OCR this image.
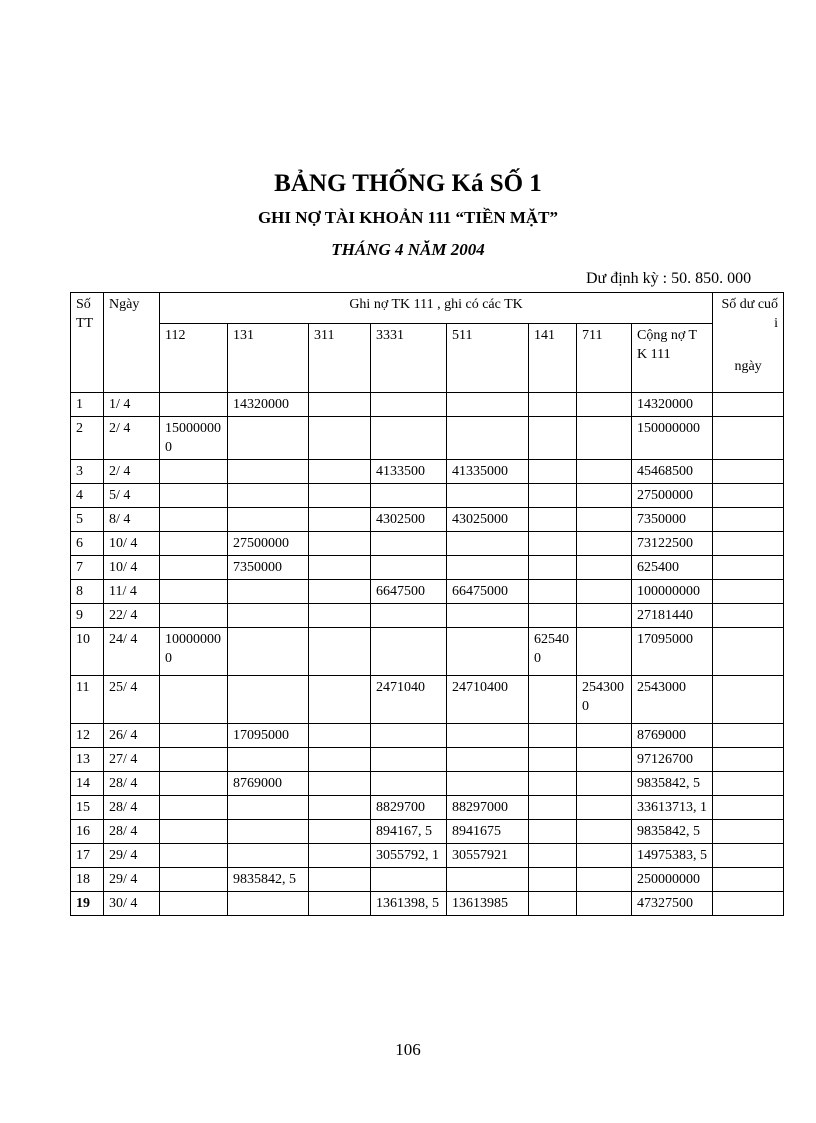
BẢNG THỐNG Ká SỐ 1
GHI NỢ TÀI KHOẢN 111 “TIỀN MẶT”
THÁNG 4 NĂM 2004
Dư định kỳ : 50. 850. 000
Số TT	Ngày	Ghi nợ TK 111 , ghi có các TK								Số dư cuối
ngày

		112	131	311	3331	511	141	711	Cộng nợ TK 111	
1	1/ 4		14320000						14320000	
2	2/ 4	150000000							150000000	
3	2/ 4				4133500	41335000			45468500	
4	5/ 4								27500000	
5	8/ 4				4302500	43025000			7350000	
6	10/ 4		27500000						73122500	
7	10/ 4		7350000						625400	
8	11/ 4				6647500	66475000			100000000	
9	22/ 4								27181440	
10	24/ 4	100000000					625400		17095000	
11	25/ 4				2471040	24710400		2543000	2543000	
12	26/ 4		17095000						8769000	
13	27/ 4								97126700	
14	28/ 4		8769000						9835842, 5	
15	28/ 4				8829700	88297000			33613713, 1	
16	28/ 4				894167, 5	8941675			9835842, 5	
17	29/ 4				3055792, 1	30557921			14975383, 5	
18	29/ 4		9835842, 5						250000000	
19	30/ 4				1361398, 5	13613985			47327500	
106
